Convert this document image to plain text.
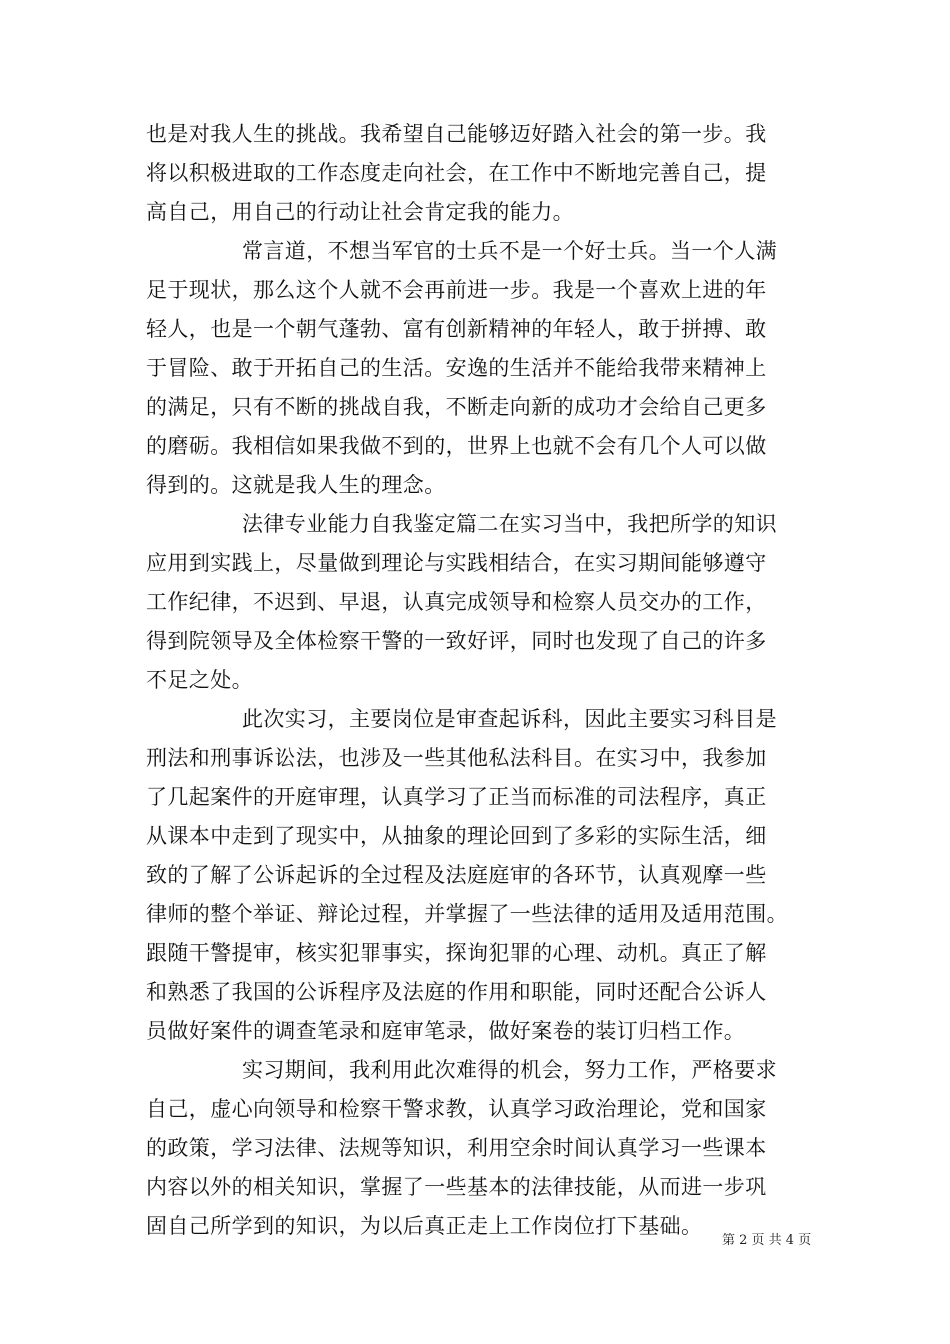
也是对我人生的挑战。我希望自己能够迈好踏入社会的第一步。我
将以积极进取的工作态度走向社会，在工作中不断地完善自己，提
高自己，用自己的行动让社会肯定我的能力。
常言道，不想当军官的士兵不是一个好士兵。当一个人满
足于现状，那么这个人就不会再前进一步。我是一个喜欢上进的年
轻人，也是一个朝气蓬勃、富有创新精神的年轻人，敢于拼搏、敢
于冒险、敢于开拓自己的生活。安逸的生活并不能给我带来精神上
的满足，只有不断的挑战自我，不断走向新的成功才会给自己更多
的磨砺。我相信如果我做不到的，世界上也就不会有几个人可以做
得到的。这就是我人生的理念。
法律专业能力自我鉴定篇二在实习当中，我把所学的知识
应用到实践上，尽量做到理论与实践相结合，在实习期间能够遵守
工作纪律，不迟到、早退，认真完成领导和检察人员交办的工作，
得到院领导及全体检察干警的一致好评，同时也发现了自己的许多
不足之处。
此次实习，主要岗位是审查起诉科，因此主要实习科目是
刑法和刑事诉讼法，也涉及一些其他私法科目。在实习中，我参加
了几起案件的开庭审理，认真学习了正当而标准的司法程序，真正
从课本中走到了现实中，从抽象的理论回到了多彩的实际生活，细
致的了解了公诉起诉的全过程及法庭庭审的各环节，认真观摩一些
律师的整个举证、辩论过程，并掌握了一些法律的适用及适用范围。
跟随干警提审，核实犯罪事实，探询犯罪的心理、动机。真正了解
和熟悉了我国的公诉程序及法庭的作用和职能，同时还配合公诉人
员做好案件的调查笔录和庭审笔录，做好案卷的装订归档工作。
实习期间，我利用此次难得的机会，努力工作，严格要求
自己，虚心向领导和检察干警求教，认真学习政治理论，党和国家
的政策，学习法律、法规等知识，利用空余时间认真学习一些课本
内容以外的相关知识，掌握了一些基本的法律技能，从而进一步巩
固自己所学到的知识，为以后真正走上工作岗位打下基础。
第 2 页 共 4 页
